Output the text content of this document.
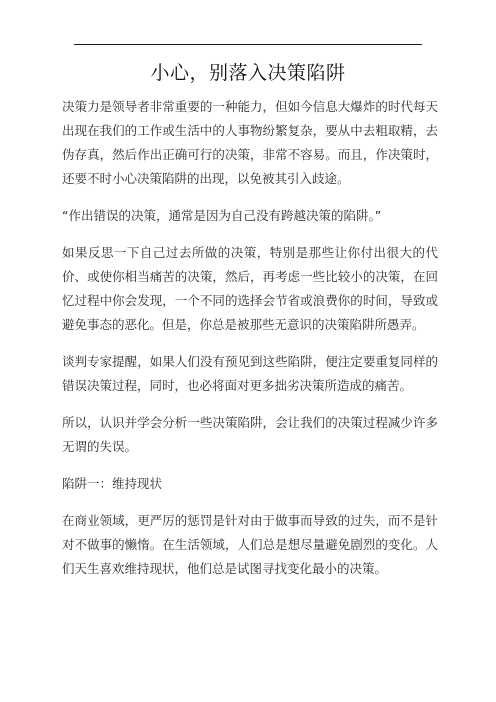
小心，别落入决策陷阱

决策力是领导者非常重要的一种能力，但如今信息大爆炸的时代每天出现在我们的工作或生活中的人事物纷繁复杂，要从中去粗取精，去伪存真，然后作出正确可行的决策，非常不容易。而且，作决策时，还要不时小心决策陷阱的出现，以免被其引入歧途。

“作出错误的决策，通常是因为自己没有跨越决策的陷阱。”

如果反思一下自己过去所做的决策，特别是那些让你付出很大的代价、或使你相当痛苦的决策，然后，再考虑一些比较小的决策，在回忆过程中你会发现，一个不同的选择会节省或浪费你的时间，导致或避免事态的恶化。但是，你总是被那些无意识的决策陷阱所愚弄。

谈判专家提醒，如果人们没有预见到这些陷阱，便注定要重复同样的错误决策过程，同时，也必将面对更多拙劣决策所造成的痛苦。

所以，认识并学会分析一些决策陷阱，会让我们的决策过程减少许多无谓的失误。

陷阱一：维持现状

在商业领域，更严厉的惩罚是针对由于做事而导致的过失，而不是针对不做事的懒惰。在生活领域，人们总是想尽量避免剧烈的变化。人们天生喜欢维持现状，他们总是试图寻找变化最小的决策。
